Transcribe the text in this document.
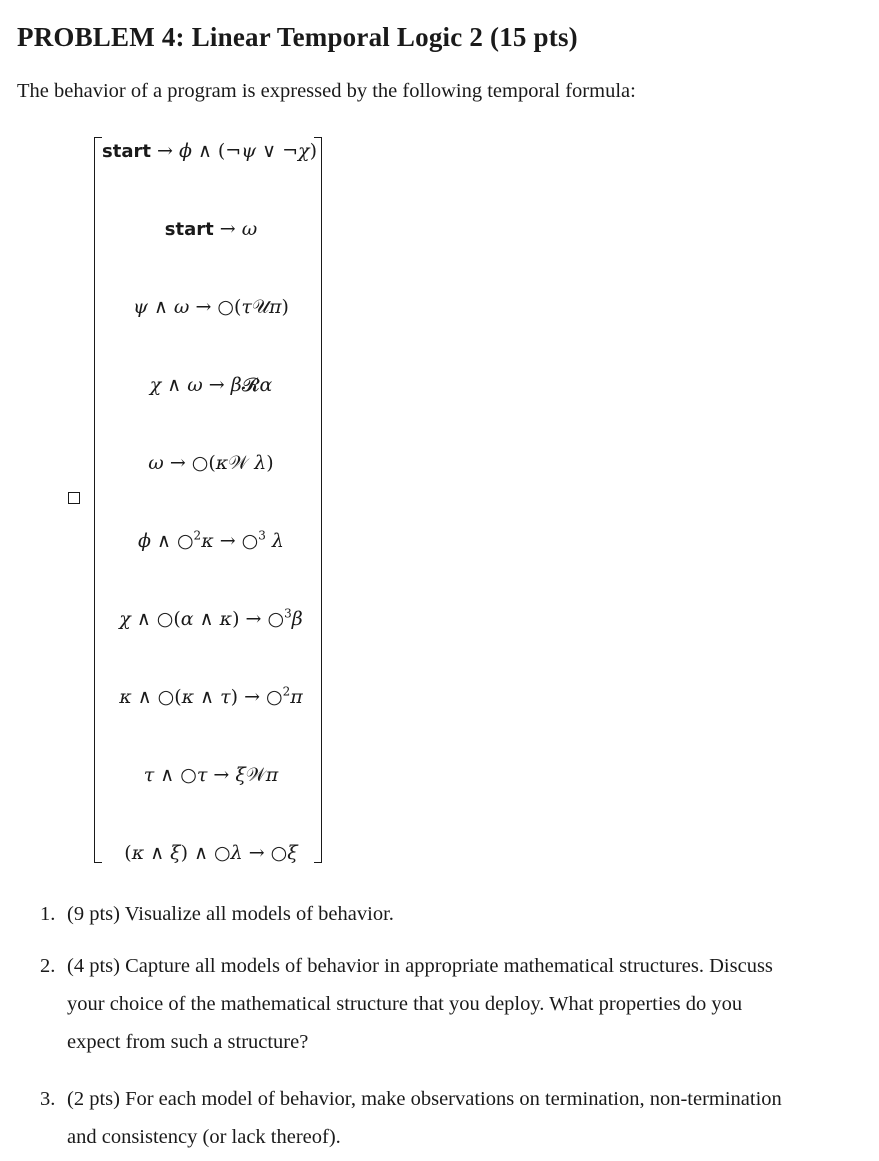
PROBLEM 4: Linear Temporal Logic 2 (15 pts)
The behavior of a program is expressed by the following temporal formula:
start → ϕ ∧ (¬ψ ∨ ¬χ)
start → ω
ψ ∧ ω → ○(τ𝒰π)
χ ∧ ω → β𝓡α
ω → ○(κ𝒲 λ)
ϕ ∧ ○$^2$κ → ○$^3$ λ
χ ∧ ○(α ∧ κ) → ○$^3$β
κ ∧ ○(κ ∧ τ) → ○$^2$π
τ ∧ ○τ → ξ𝒲π
(κ ∧ ξ) ∧ ○λ → ○ξ
1. (9 pts) Visualize all models of behavior.
2. (4 pts) Capture all models of behavior in appropriate mathematical structures. Discuss
your choice of the mathematical structure that you deploy. What properties do you
expect from such a structure?
3. (2 pts) For each model of behavior, make observations on termination, non-termination
and consistency (or lack thereof).
